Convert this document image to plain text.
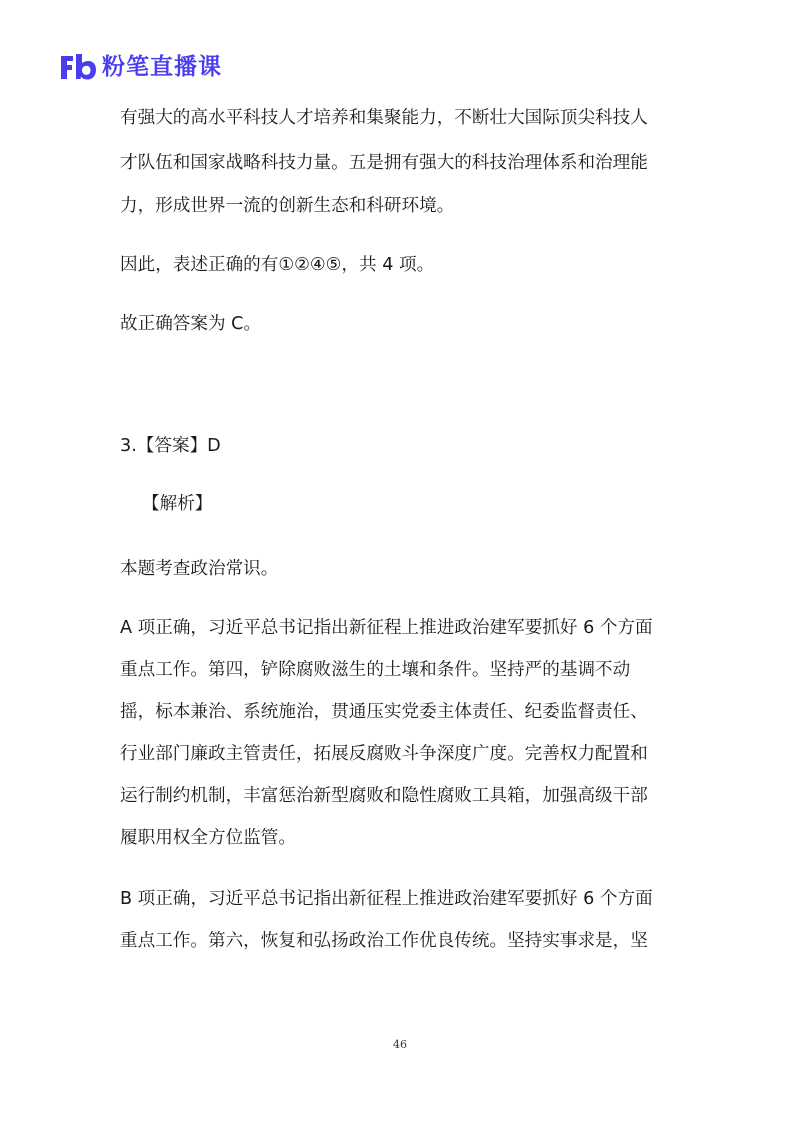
粉笔直播课
有强大的高水平科技人才培养和集聚能力，不断壮大国际顶尖科技人
才队伍和国家战略科技力量。五是拥有强大的科技治理体系和治理能
力，形成世界一流的创新生态和科研环境。
因此，表述正确的有①②④⑤，共 4 项。
故正确答案为 C。
3.【答案】D
【解析】
本题考查政治常识。
A 项正确，习近平总书记指出新征程上推进政治建军要抓好 6 个方面
重点工作。第四，铲除腐败滋生的土壤和条件。坚持严的基调不动
摇，标本兼治、系统施治，贯通压实党委主体责任、纪委监督责任、
行业部门廉政主管责任，拓展反腐败斗争深度广度。完善权力配置和
运行制约机制，丰富惩治新型腐败和隐性腐败工具箱，加强高级干部
履职用权全方位监管。
B 项正确，习近平总书记指出新征程上推进政治建军要抓好 6 个方面
重点工作。第六，恢复和弘扬政治工作优良传统。坚持实事求是，坚
46
